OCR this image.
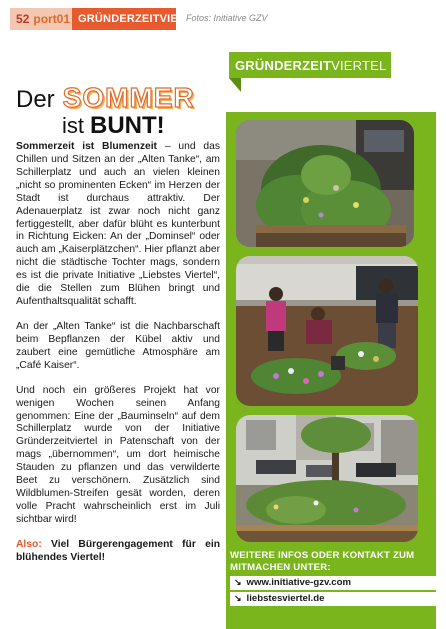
52 port01 GRÜNDERZEITVIERTEL
Fotos: Initiative GZV
GRÜNDERZEIT VIERTEL
Der SOMMER
ist BUNT!

Sommerzeit ist Blumenzeit – und das Chillen und Sitzen an der „Alten Tanke“, am Schillerplatz und auch an vielen kleinen „nicht so prominenten Ecken“ im Herzen der Stadt ist durchaus attraktiv. Der Adenauerplatz ist zwar noch nicht ganz fertiggestellt, aber dafür blüht es kunterbunt in Richtung Eicken: An der „Dominsel“ oder auch am „Kaiserplätzchen“. Hier pflanzt aber nicht die städtische Tochter mags, sondern es ist die private Initiative „Liebstes Viertel“, die die Stellen zum Blühen bringt und Aufenthaltsqualität schafft.

An der „Alten Tanke“ ist die Nachbarschaft beim Bepflanzen der Kübel aktiv und zaubert eine gemütliche Atmosphäre am „Café Kaiser“.

Und noch ein größeres Projekt hat vor wenigen Wochen seinen Anfang genommen: Eine der „Bauminseln“ auf dem Schillerplatz wurde von der Initiative Gründerzeitviertel in Patenschaft von der mags „übernommen“, um dort heimische Stauden zu pflanzen und das verwilderte Beet zu verschönern. Zusätzlich sind Wildblumen-Streifen gesät worden, deren volle Pracht wahrscheinlich erst im Juli sichtbar wird!

Also: Viel Bürgerengagement für ein blühendes Viertel!	WEITERE INFOS ODER KONTAKT ZUM MITMACHEN UNTER:
↘ www.initiative-gzv.com
↘ liebstesviertel.de
